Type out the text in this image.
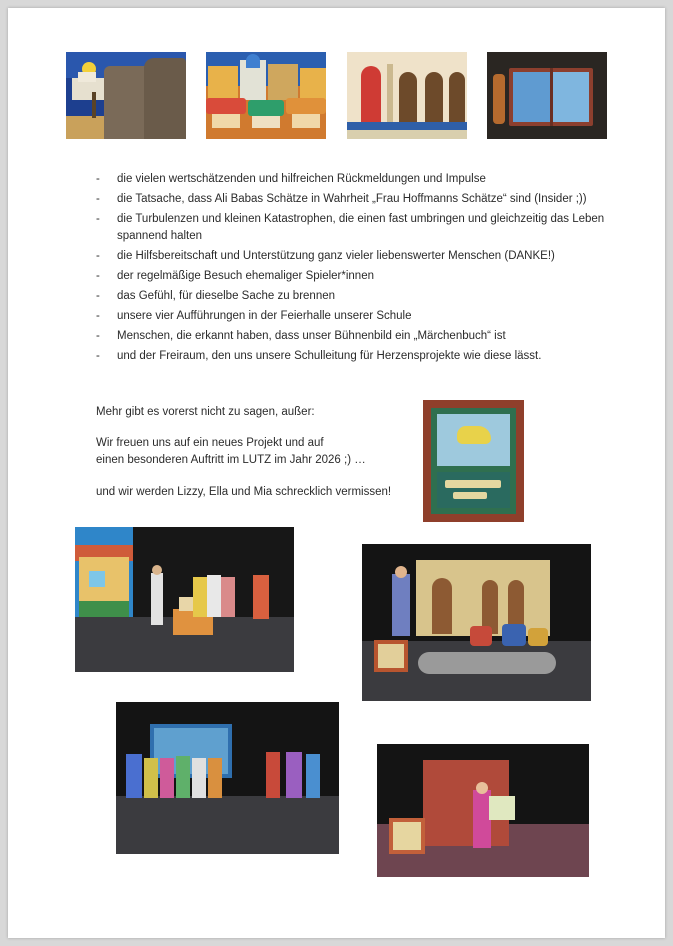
-	die vielen wertschätzenden und hilfreichen Rückmeldungen und Impulse
-	die Tatsache, dass Ali Babas Schätze in Wahrheit „Frau Hoffmanns Schätze“ sind (Insider ;))
-	die Turbulenzen und kleinen Katastrophen, die einen fast umbringen und gleichzeitig das Leben spannend halten
-	die Hilfsbereitschaft und Unterstützung ganz vieler liebenswerter Menschen (DANKE!)
-	der regelmäßige Besuch ehemaliger Spieler*innen
-	das Gefühl, für dieselbe Sache zu brennen
-	unsere vier Aufführungen in der Feierhalle unserer Schule
-	Menschen, die erkannt haben, dass unser Bühnenbild ein „Märchenbuch“ ist
-	und der Freiraum, den uns unsere Schulleitung für Herzensprojekte wie diese lässt.

Mehr gibt es vorerst nicht zu sagen, außer:

Wir freuen uns auf ein neues Projekt und auf

einen besonderen Auftritt im LUTZ im Jahr 2026 ;) …

und wir werden Lizzy, Ella und Mia schrecklich vermissen!
